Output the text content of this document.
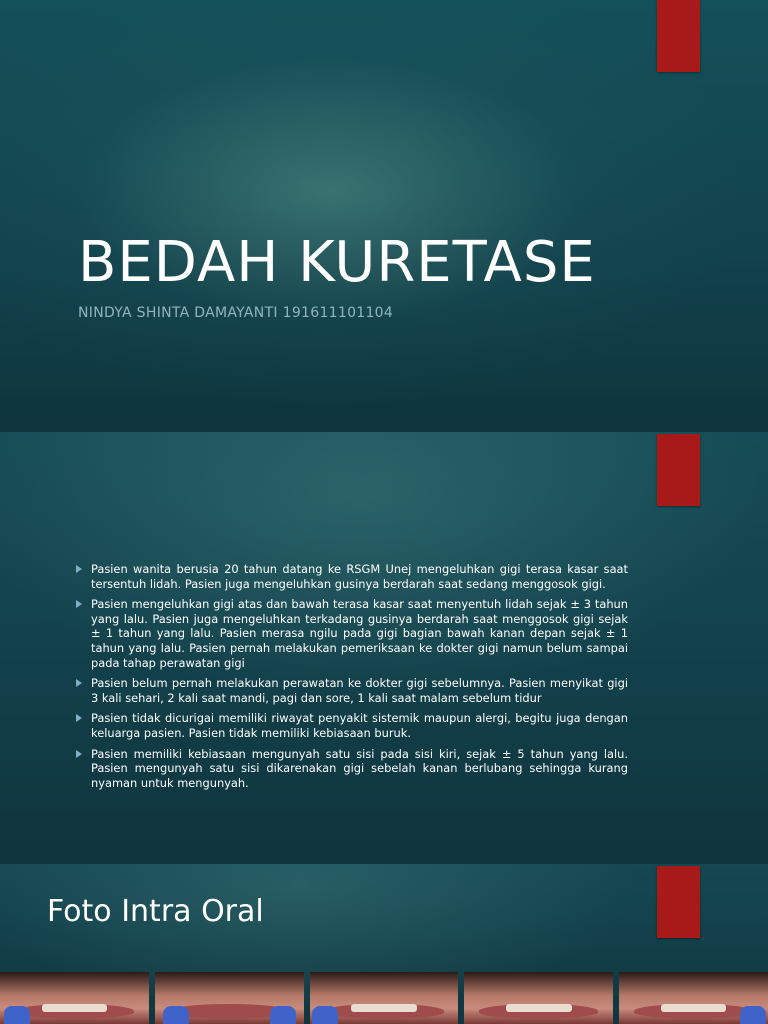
BEDAH KURETASE

NINDYA SHINTA DAMAYANTI 191611101104

Pasien wanita berusia 20 tahun datang ke RSGM Unej mengeluhkan gigi terasa kasar saat tersentuh lidah. Pasien juga mengeluhkan gusinya berdarah saat sedang menggosok gigi.
Pasien mengeluhkan gigi atas dan bawah terasa kasar saat menyentuh lidah sejak ± 3 tahun yang lalu. Pasien juga mengeluhkan terkadang gusinya berdarah saat menggosok gigi sejak ± 1 tahun yang lalu. Pasien merasa ngilu pada gigi bagian bawah kanan depan sejak ± 1 tahun yang lalu. Pasien pernah melakukan pemeriksaan ke dokter gigi namun belum sampai pada tahap perawatan gigi
Pasien belum pernah melakukan perawatan ke dokter gigi sebelumnya. Pasien menyikat gigi 3 kali sehari, 2 kali saat mandi, pagi dan sore, 1 kali saat malam sebelum tidur
Pasien tidak dicurigai memiliki riwayat penyakit sistemik maupun alergi, begitu juga dengan keluarga pasien. Pasien tidak memiliki kebiasaan buruk.
Pasien memiliki kebiasaan mengunyah satu sisi pada sisi kiri, sejak ± 5 tahun yang lalu. Pasien mengunyah satu sisi dikarenakan gigi sebelah kanan berlubang sehingga kurang nyaman untuk mengunyah.
Foto Intra Oral
